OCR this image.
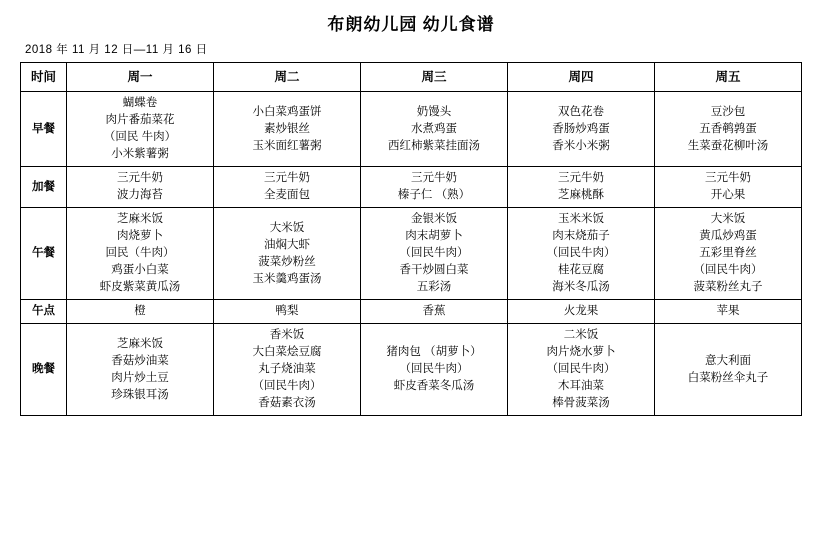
布朗幼儿园 幼儿食谱
2018 年 11 月 12 日—11 月 16 日
时间	周一	周二	周三	周四	周五
早餐	蝴蝶卷
肉片番茄菜花
（回民 牛肉）
小米紫薯粥	小白菜鸡蛋饼
素炒银丝
玉米面红薯粥	奶馒头
水煮鸡蛋
西红柿紫菜挂面汤	双色花卷
香肠炒鸡蛋
香米小米粥	豆沙包
五香鹌鹑蛋
生菜蚕花柳叶汤

加餐	三元牛奶
波力海苔	三元牛奶
全麦面包	三元牛奶
榛子仁 （熟）	三元牛奶
芝麻桃酥	三元牛奶
开心果

午餐	芝麻米饭
肉烧萝卜
回民（牛肉）
鸡蛋小白菜
虾皮紫菜黄瓜汤	大米饭
油焖大虾
菠菜炒粉丝
玉米羹鸡蛋汤	金银米饭
肉末胡萝卜
（回民牛肉）
香干炒圆白菜
五彩汤	玉米米饭
肉末烧茄子
（回民牛肉）
桂花豆腐
海米冬瓜汤	大米饭
黄瓜炒鸡蛋
五彩里脊丝
（回民牛肉）
菠菜粉丝丸子

午点	橙	鸭梨	香蕉	火龙果	苹果

晚餐	芝麻米饭
香菇炒油菜
肉片炒土豆
珍珠银耳汤	香米饭
大白菜烩豆腐
丸子烧油菜
（回民牛肉）
香菇素衣汤	猪肉包 （胡萝卜）
（回民牛肉）
虾皮香菜冬瓜汤	二米饭
肉片烧水萝卜
（回民牛肉）
木耳油菜
棒骨菠菜汤	意大利面
白菜粉丝伞丸子
